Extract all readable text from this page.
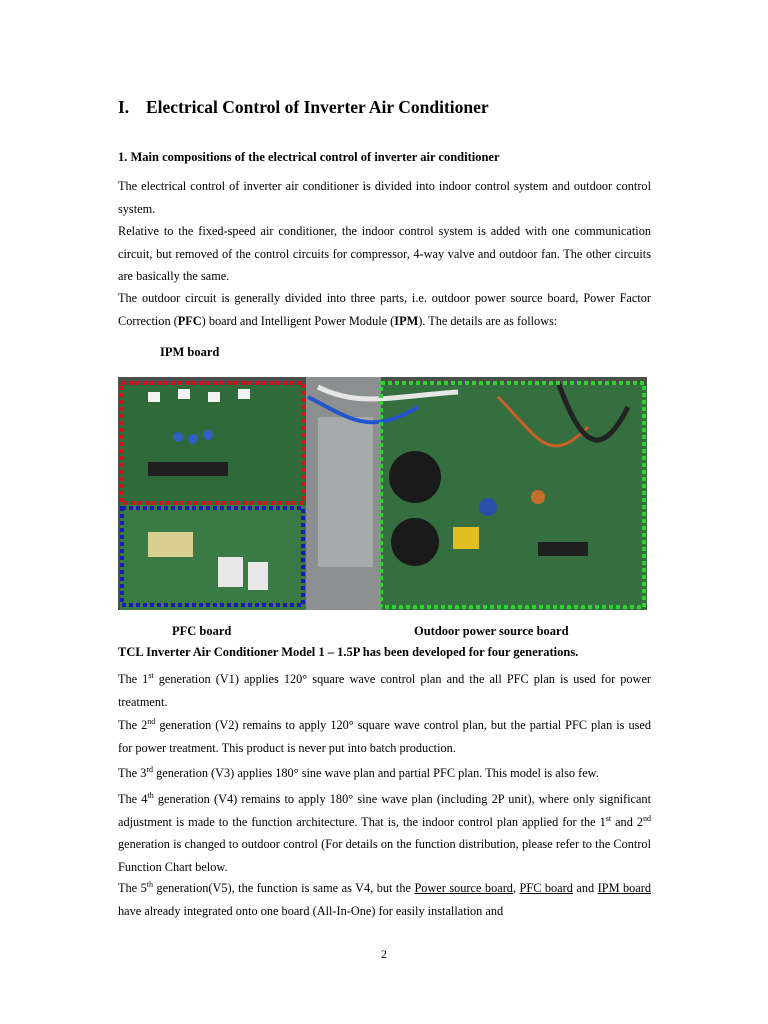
I. Electrical Control of Inverter Air Conditioner
1. Main compositions of the electrical control of inverter air conditioner

The electrical control of inverter air conditioner is divided into indoor control system and outdoor control system.

Relative to the fixed-speed air conditioner, the indoor control system is added with one communication circuit, but removed of the control circuits for compressor, 4-way valve and outdoor fan. The other circuits are basically the same.

The outdoor circuit is generally divided into three parts, i.e. outdoor power source board, Power Factor Correction (PFC) board and Intelligent Power Module (IPM). The details are as follows:

IPM board

PFC board	Outdoor power source board

TCL Inverter Air Conditioner Model 1 – 1.5P has been developed for four generations.

The 1st generation (V1) applies 120° square wave control plan and the all PFC plan is used for power treatment.

The 2nd generation (V2) remains to apply 120° square wave control plan, but the partial PFC plan is used for power treatment. This product is never put into batch production.

The 3rd generation (V3) applies 180° sine wave plan and partial PFC plan. This model is also few.

The 4th generation (V4) remains to apply 180° sine wave plan (including 2P unit), where only significant adjustment is made to the function architecture. That is, the indoor control plan applied for the 1st and 2nd generation is changed to outdoor control (For details on the function distribution, please refer to the Control Function Chart below.

The 5th generation(V5), the function is same as V4, but the Power source board, PFC board and IPM board have already integrated onto one board (All-In-One) for easily installation and

2
